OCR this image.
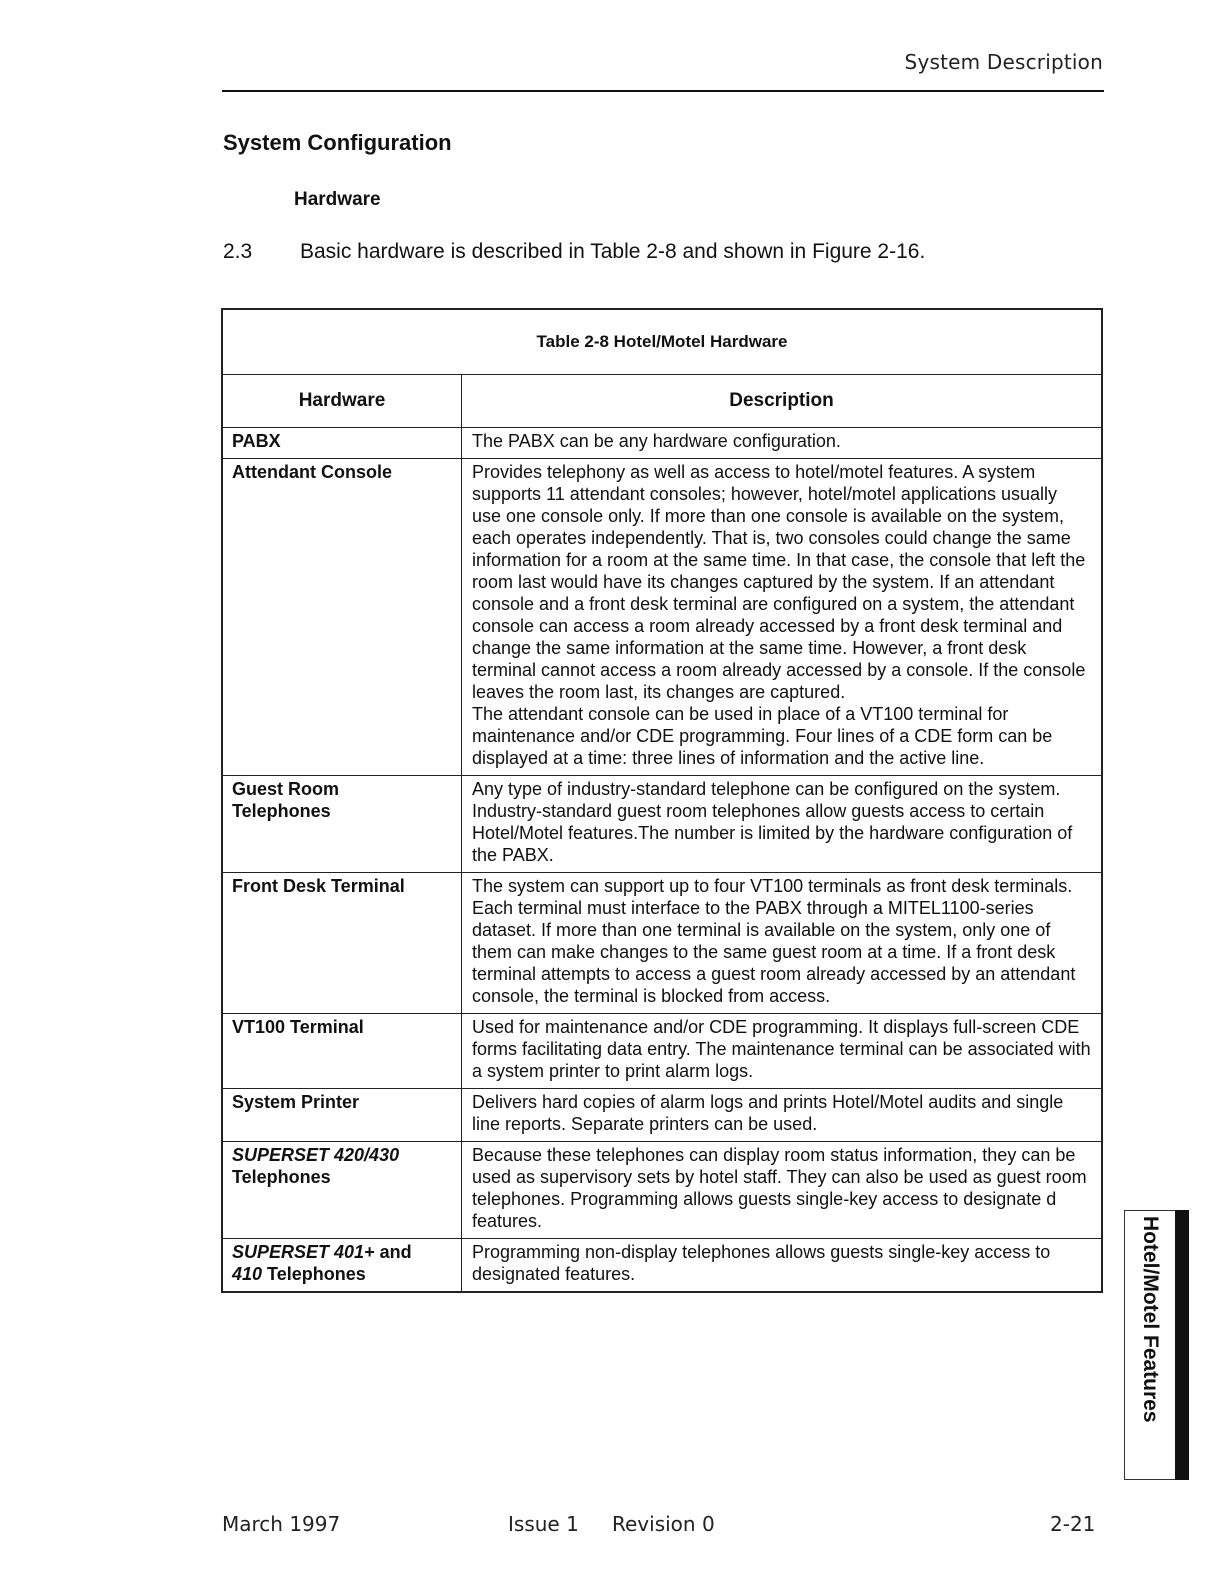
System Description
System Configuration
Hardware
2.3 Basic hardware is described in Table 2-8 and shown in Figure 2-16.
Table 2-8 Hotel/Motel Hardware	
Hardware	Description
PABX	The PABX can be any hardware configuration.

Attendant Console	Provides telephony as well as access to hotel/motel features. A system supports 11 attendant consoles; however, hotel/motel applications usually use one console only. If more than one console is available on the system, each operates independently. That is, two consoles could change the same information for a room at the same time. In that case, the console that left the room last would have its changes captured by the system. If an attendant console and a front desk terminal are configured on a system, the attendant console can access a room already accessed by a front desk terminal and change the same information at the same time. However, a front desk terminal cannot access a room already accessed by a console. If the console leaves the room last, its changes are captured.

The attendant console can be used in place of a VT100 terminal for maintenance and/or CDE programming. Four lines of a CDE form can be displayed at a time: three lines of information and the active line.

Guest Room Telephones	Any type of industry-standard telephone can be configured on the system. Industry-standard guest room telephones allow guests access to certain Hotel/Motel features.The number is limited by the hardware configuration of the PABX.

Front Desk Terminal	The system can support up to four VT100 terminals as front desk terminals. Each terminal must interface to the PABX through a MITEL1100-series dataset. If more than one terminal is available on the system, only one of them can make changes to the same guest room at a time. If a front desk terminal attempts to access a guest room already accessed by an attendant console, the terminal is blocked from access.

VT100 Terminal	Used for maintenance and/or CDE programming. It displays full-screen CDE forms facilitating data entry. The maintenance terminal can be associated with a system printer to print alarm logs.

System Printer	Delivers hard copies of alarm logs and prints Hotel/Motel audits and single line reports. Separate printers can be used.

SUPERSET 420/430
Telephones	Because these telephones can display room status information, they can be used as supervisory sets by hotel staff. They can also be used as guest room telephones. Programming allows guests single-key access to designate d features.

SUPERSET 401+ and
410 Telephones	Programming non-display telephones allows guests single-key access to designated features.	Hotel/Motel Features
March 1997	Issue 1 Revision 0	2-21
